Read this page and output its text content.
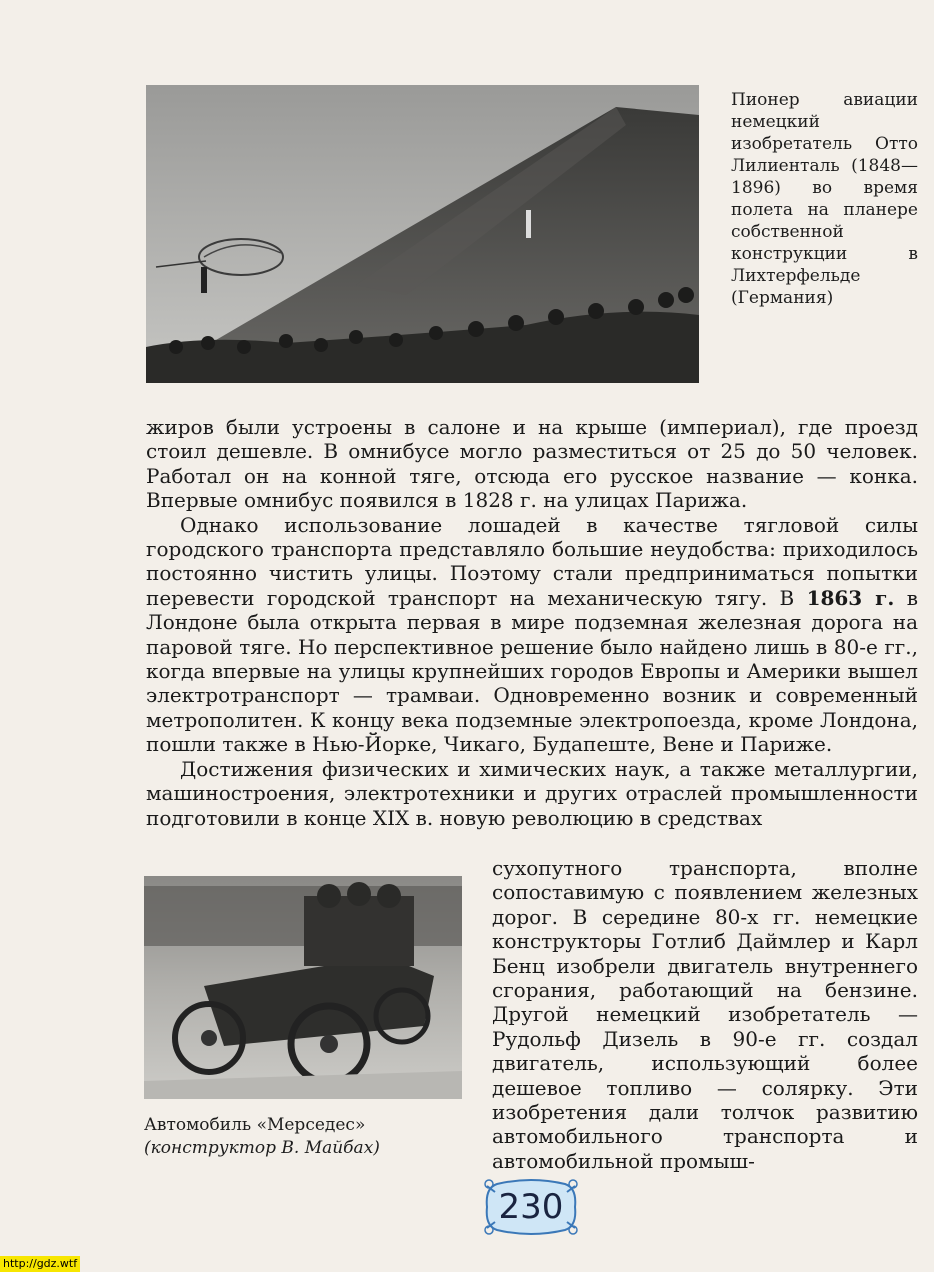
Пионер авиации немецкий изобретатель Отто Лилиенталь (1848—1896) во время полета на планере собственной конструкции в Лихтерфельде (Германия)

жиров были устроены в салоне и на крыше (империал), где проезд стоил дешевле. В омнибусе могло разместиться от 25 до 50 человек. Работал он на конной тяге, отсюда его русское название — конка. Впервые омнибус появился в 1828 г. на улицах Парижа.

Однако использование лошадей в качестве тягловой силы городского транспорта представляло большие неудобства: приходилось постоянно чистить улицы. Поэтому стали предприниматься попытки перевести городской транспорт на механическую тягу. В 1863 г. в Лондоне была открыта первая в мире подземная железная дорога на паровой тяге. Но перспективное решение было найдено лишь в 80-е гг., когда впервые на улицы крупнейших городов Европы и Америки вышел электротранспорт — трамваи. Одновременно возник и современный метрополитен. К концу века подземные электропоезда, кроме Лондона, пошли также в Нью-Йорке, Чикаго, Будапеште, Вене и Париже.

Достижения физических и химических наук, а также металлургии, машиностроения, электротехники и других отраслей промышленности подготовили в конце XIX в. новую революцию в средствах

Автомобиль «Мерседес» (конструктор В. Майбах)

сухопутного транспорта, вполне сопоставимую с появлением железных дорог. В середине 80-х гг. немецкие конструкторы Готлиб Даймлер и Карл Бенц изобрели двигатель внутреннего сгорания, работающий на бензине. Другой немецкий изобретатель — Рудольф Дизель в 90-е гг. создал двигатель, использующий более дешевое топливо — солярку. Эти изобретения дали толчок развитию автомобильного транспорта и автомобильной промыш-

230
http://gdz.wtf
